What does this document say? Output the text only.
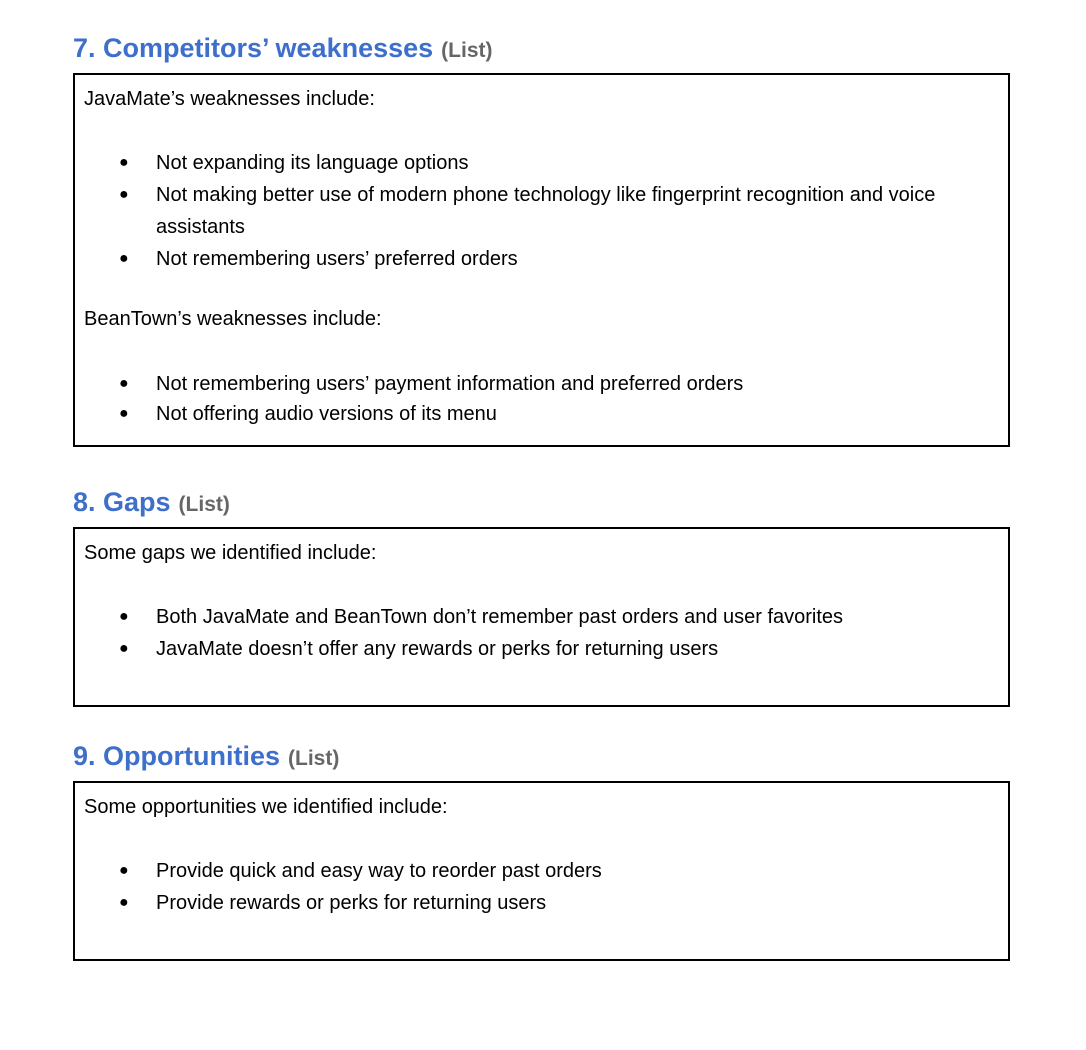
7. Competitors’ weaknesses (List)

JavaMate’s weaknesses include:

● Not expanding its language options
● Not making better use of modern phone technology like fingerprint recognition and voice assistants
● Not remembering users’ preferred orders

BeanTown’s weaknesses include:

● Not remembering users’ payment information and preferred orders
● Not offering audio versions of its menu
8. Gaps (List)

Some gaps we identified include:

● Both JavaMate and BeanTown don’t remember past orders and user favorites
● JavaMate doesn’t offer any rewards or perks for returning users
9. Opportunities (List)

Some opportunities we identified include:

● Provide quick and easy way to reorder past orders
● Provide rewards or perks for returning users
